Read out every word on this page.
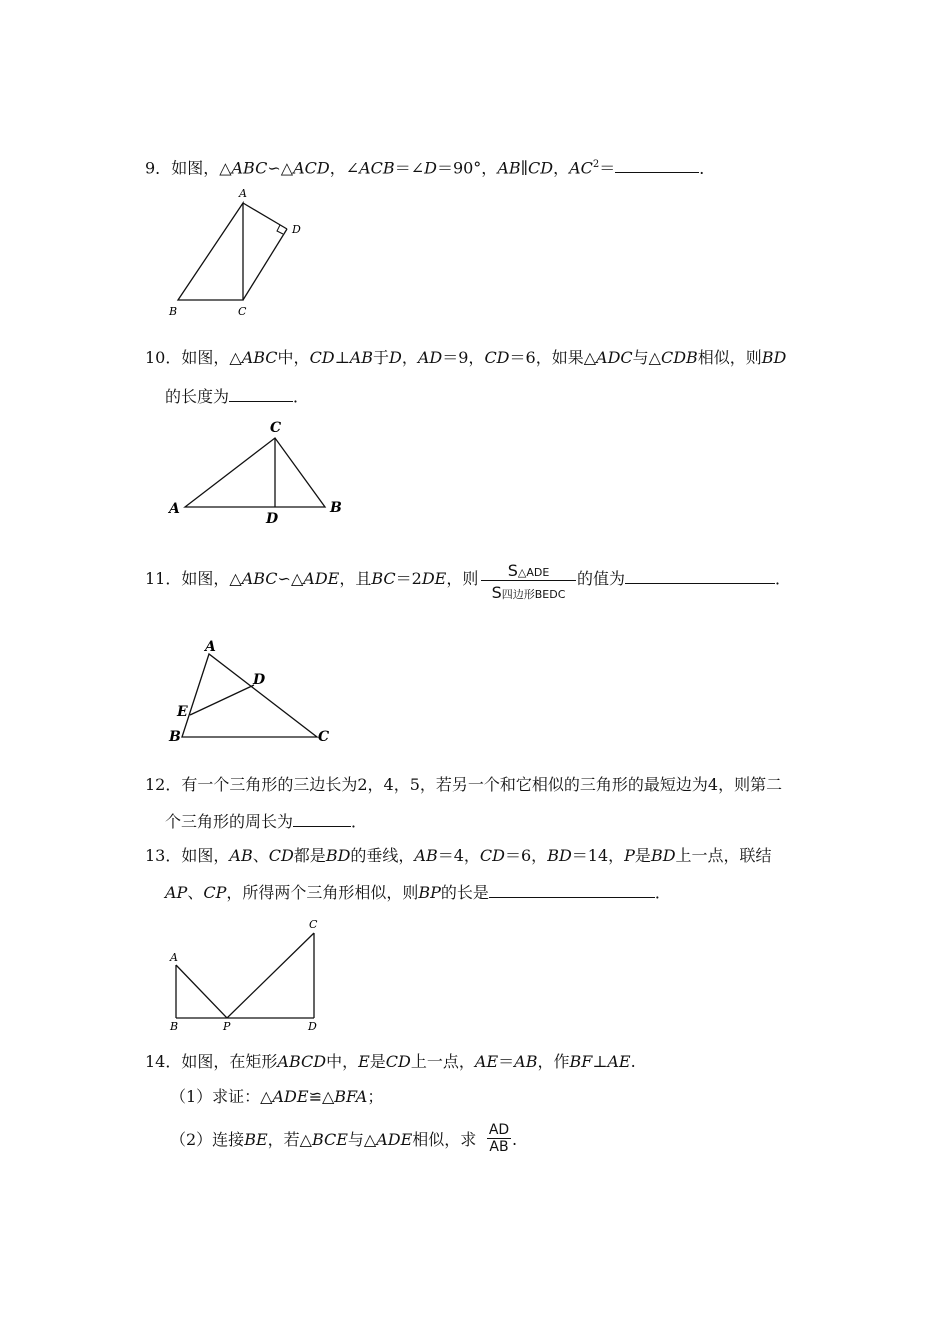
9．如图，△ABC∽△ACD，∠ACB＝∠D＝90°，AB∥CD，$AC^2=$	．
A
B	C
D
10．如图，△ABC中，CD⊥AB于D，AD＝9，CD＝6，如果△ADC与△CDB相似，则BD
的长度为	．
C
A
D
B
11．如图，△ABC∽△ADE，且BC＝2DE，则	S△ADE
S四边形BEDC
的值为	．
A
D
E
B	C
12．有一个三角形的三边长为2，4，5，若另一个和它相似的三角形的最短边为4，则第二
个三角形的周长为	．
13．如图，AB、CD都是BD的垂线，AB＝4，CD＝6，BD＝14，P是BD上一点，联结
AP、CP，所得两个三角形相似，则BP的长是	．
A
C
B	P	D
14．如图，在矩形ABCD中，E是CD上一点，AE＝AB，作BF⊥AE.
（1）求证：△ADE≌△BFA；
（2）连接BE，若△BCE与△ADE相似，求 AD
AB .
